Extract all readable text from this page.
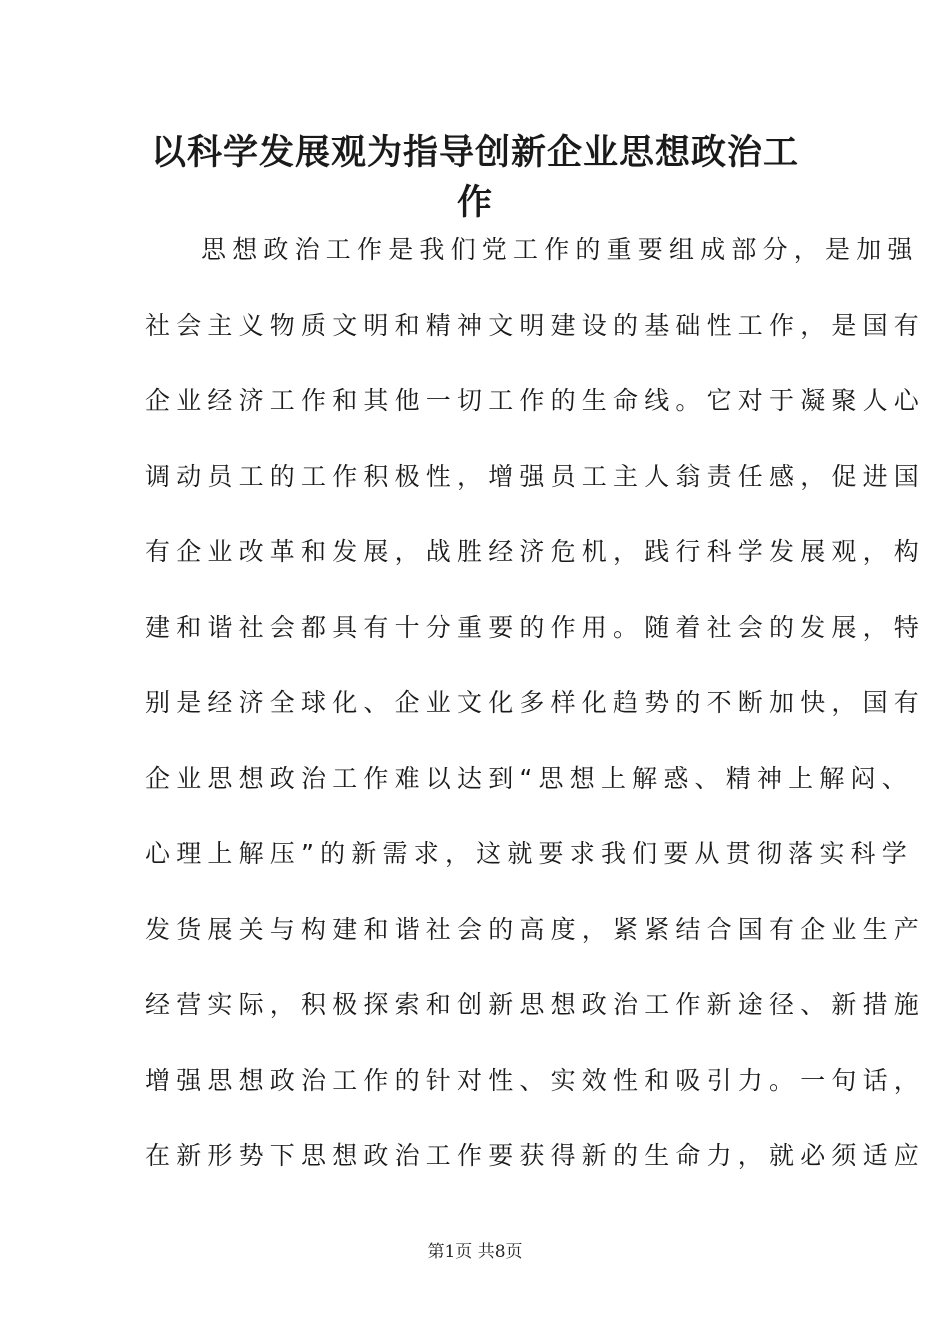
以科学发展观为指导创新企业思想政治工
作
思想政治工作是我们党工作的重要组成部分，是加强
社会主义物质文明和精神文明建设的基础性工作，是国有
企业经济工作和其他一切工作的生命线。它对于凝聚人心
调动员工的工作积极性，增强员工主人翁责任感，促进国
有企业改革和发展，战胜经济危机，践行科学发展观，构
建和谐社会都具有十分重要的作用。随着社会的发展，特
别是经济全球化、企业文化多样化趋势的不断加快，国有
企业思想政治工作难以达到“思想上解惑、精神上解闷、
心理上解压”的新需求，这就要求我们要从贯彻落实科学
发货展关与构建和谐社会的高度，紧紧结合国有企业生产
经营实际，积极探索和创新思想政治工作新途径、新措施
增强思想政治工作的针对性、实效性和吸引力。一句话，
在新形势下思想政治工作要获得新的生命力，就必须适应
第1页 共8页
